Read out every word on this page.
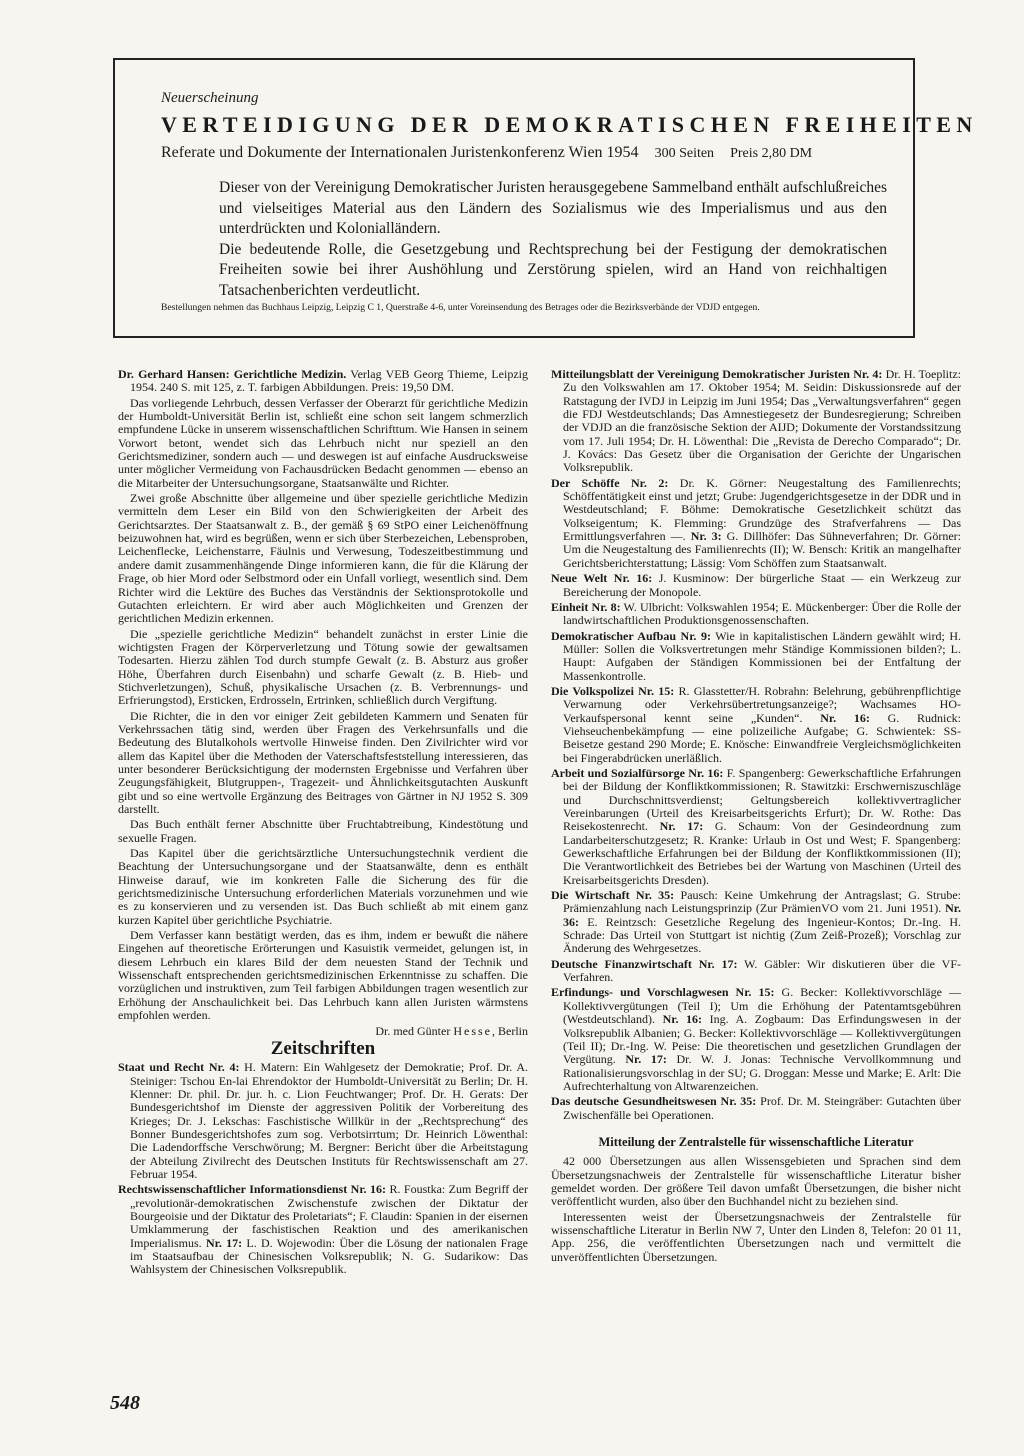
Neuerscheinung
VERTEIDIGUNG DER DEMOKRATISCHEN FREIHEITEN
Referate und Dokumente der Internationalen Juristenkonferenz Wien 1954 300 Seiten Preis 2,80 DM

Dieser von der Vereinigung Demokratischer Juristen herausgegebene Sammelband enthält aufschlußreiches und vielseitiges Material aus den Ländern des Sozialismus wie des Imperialismus und aus den unterdrückten und Kolonialländern.

Die bedeutende Rolle, die Gesetzgebung und Rechtsprechung bei der Festigung der demokratischen Freiheiten sowie bei ihrer Aushöhlung und Zerstörung spielen, wird an Hand von reichhaltigen Tatsachenberichten verdeutlicht.

Bestellungen nehmen das Buchhaus Leipzig, Leipzig C 1, Querstraße 4-6, unter Voreinsendung des Betrages oder die Bezirksverbände der VDJD entgegen.

Dr. Gerhard Hansen: Gerichtliche Medizin. Verlag VEB Georg Thieme, Leipzig 1954. 240 S. mit 125, z. T. farbigen Abbildungen. Preis: 19,50 DM.

Das vorliegende Lehrbuch, dessen Verfasser der Oberarzt für gerichtliche Medizin der Humboldt-Universität Berlin ist, schließt eine schon seit langem schmerzlich empfundene Lücke in unserem wissenschaftlichen Schrifttum. Wie Hansen in seinem Vorwort betont, wendet sich das Lehrbuch nicht nur speziell an den Gerichtsmediziner, sondern auch — und deswegen ist auf einfache Ausdrucksweise unter möglicher Vermeidung von Fachausdrücken Bedacht genommen — ebenso an die Mitarbeiter der Untersuchungsorgane, Staatsanwälte und Richter.

Zwei große Abschnitte über allgemeine und über spezielle gerichtliche Medizin vermitteln dem Leser ein Bild von den Schwierigkeiten der Arbeit des Gerichtsarztes. Der Staatsanwalt z. B., der gemäß § 69 StPO einer Leichenöffnung beizuwohnen hat, wird es begrüßen, wenn er sich über Sterbezeichen, Lebensproben, Leichenflecke, Leichenstarre, Fäulnis und Verwesung, Todeszeitbestimmung und andere damit zusammenhängende Dinge informieren kann, die für die Klärung der Frage, ob hier Mord oder Selbstmord oder ein Unfall vorliegt, wesentlich sind. Dem Richter wird die Lektüre des Buches das Verständnis der Sektionsprotokolle und Gutachten erleichtern. Er wird aber auch Möglichkeiten und Grenzen der gerichtlichen Medizin erkennen.

Die „spezielle gerichtliche Medizin“ behandelt zunächst in erster Linie die wichtigsten Fragen der Körperverletzung und Tötung sowie der gewaltsamen Todesarten. Hierzu zählen Tod durch stumpfe Gewalt (z. B. Absturz aus großer Höhe, Überfahren durch Eisenbahn) und scharfe Gewalt (z. B. Hieb- und Stichverletzungen), Schuß, physikalische Ursachen (z. B. Verbrennungs- und Erfrierungstod), Ersticken, Erdrosseln, Ertrinken, schließlich durch Vergiftung.

Die Richter, die in den vor einiger Zeit gebildeten Kammern und Senaten für Verkehrssachen tätig sind, werden über Fragen des Verkehrsunfalls und die Bedeutung des Blutalkohols wertvolle Hinweise finden. Den Zivilrichter wird vor allem das Kapitel über die Methoden der Vaterschaftsfeststellung interessieren, das unter besonderer Berücksichtigung der modernsten Ergebnisse und Verfahren über Zeugungsfähigkeit, Blutgruppen-, Tragezeit- und Ähnlichkeitsgutachten Auskunft gibt und so eine wertvolle Ergänzung des Beitrages von Gärtner in NJ 1952 S. 309 darstellt.

Das Buch enthält ferner Abschnitte über Fruchtabtreibung, Kindestötung und sexuelle Fragen.

Das Kapitel über die gerichtsärztliche Untersuchungstechnik verdient die Beachtung der Untersuchungsorgane und der Staatsanwälte, denn es enthält Hinweise darauf, wie im konkreten Falle die Sicherung des für die gerichtsmedizinische Untersuchung erforderlichen Materials vorzunehmen und wie es zu konservieren und zu versenden ist. Das Buch schließt ab mit einem ganz kurzen Kapitel über gerichtliche Psychiatrie.

Dem Verfasser kann bestätigt werden, das es ihm, indem er bewußt die nähere Eingehen auf theoretische Erörterungen und Kasuistik vermeidet, gelungen ist, in diesem Lehrbuch ein klares Bild der dem neuesten Stand der Technik und Wissenschaft entsprechenden gerichtsmedizinischen Erkenntnisse zu schaffen. Die vorzüglichen und instruktiven, zum Teil farbigen Abbildungen tragen wesentlich zur Erhöhung der Anschaulichkeit bei. Das Lehrbuch kann allen Juristen wärmstens empfohlen werden.

Dr. med Günter Hesse, Berlin
Zeitschriften

Staat und Recht Nr. 4: H. Matern: Ein Wahlgesetz der Demokratie; Prof. Dr. A. Steiniger: Tschou En-lai Ehrendoktor der Humboldt-Universität zu Berlin; Dr. H. Klenner: Dr. phil. Dr. jur. h. c. Lion Feuchtwanger; Prof. Dr. H. Gerats: Der Bundesgerichtshof im Dienste der aggressiven Politik der Vorbereitung des Krieges; Dr. J. Lekschas: Faschistische Willkür in der „Rechtsprechung“ des Bonner Bundesgerichtshofes zum sog. Verbotsirrtum; Dr. Heinrich Löwenthal: Die Ladendorffsche Verschwörung; M. Bergner: Bericht über die Arbeitstagung der Abteilung Zivilrecht des Deutschen Instituts für Rechtswissenschaft am 27. Februar 1954.

Rechtswissenschaftlicher Informationsdienst Nr. 16: R. Foustka: Zum Begriff der „revolutionär-demokratischen Zwischenstufe zwischen der Diktatur der Bourgeoisie und der Diktatur des Proletariats“; F. Claudin: Spanien in der eisernen Umklammerung der faschistischen Reaktion und des amerikanischen Imperialismus. Nr. 17: L. D. Wojewodin: Über die Lösung der nationalen Frage im Staatsaufbau der Chinesischen Volksrepublik; N. G. Sudarikow: Das Wahlsystem der Chinesischen Volksrepublik.

Mitteilungsblatt der Vereinigung Demokratischer Juristen Nr. 4: Dr. H. Toeplitz: Zu den Volkswahlen am 17. Oktober 1954; M. Seidin: Diskussionsrede auf der Ratstagung der IVDJ in Leipzig im Juni 1954; Das „Verwaltungsverfahren“ gegen die FDJ Westdeutschlands; Das Amnestiegesetz der Bundesregierung; Schreiben der VDJD an die französische Sektion der AIJD; Dokumente der Vorstandssitzung vom 17. Juli 1954; Dr. H. Löwenthal: Die „Revista de Derecho Comparado“; Dr. J. Kovács: Das Gesetz über die Organisation der Gerichte der Ungarischen Volksrepublik.

Der Schöffe Nr. 2: Dr. K. Görner: Neugestaltung des Familienrechts; Schöffentätigkeit einst und jetzt; Grube: Jugendgerichtsgesetze in der DDR und in Westdeutschland; F. Böhme: Demokratische Gesetzlichkeit schützt das Volkseigentum; K. Flemming: Grundzüge des Strafverfahrens — Das Ermittlungsverfahren —. Nr. 3: G. Dillhöfer: Das Sühneverfahren; Dr. Görner: Um die Neugestaltung des Familienrechts (II); W. Bensch: Kritik an mangelhafter Gerichtsberichterstattung; Lässig: Vom Schöffen zum Staatsanwalt.

Neue Welt Nr. 16: J. Kusminow: Der bürgerliche Staat — ein Werkzeug zur Bereicherung der Monopole.

Einheit Nr. 8: W. Ulbricht: Volkswahlen 1954; E. Mückenberger: Über die Rolle der landwirtschaftlichen Produktionsgenossenschaften.

Demokratischer Aufbau Nr. 9: Wie in kapitalistischen Ländern gewählt wird; H. Müller: Sollen die Volksvertretungen mehr Ständige Kommissionen bilden?; L. Haupt: Aufgaben der Ständigen Kommissionen bei der Entfaltung der Massenkontrolle.

Die Volkspolizei Nr. 15: R. Glasstetter/H. Robrahn: Belehrung, gebührenpflichtige Verwarnung oder Verkehrsübertretungsanzeige?; Wachsames HO-Verkaufspersonal kennt seine „Kunden“. Nr. 16: G. Rudnick: Viehseuchenbekämpfung — eine polizeiliche Aufgabe; G. Schwientek: SS-Beisetze gestand 290 Morde; E. Knösche: Einwandfreie Vergleichsmöglichkeiten bei Fingerabdrücken unerläßlich.

Arbeit und Sozialfürsorge Nr. 16: F. Spangenberg: Gewerkschaftliche Erfahrungen bei der Bildung der Konfliktkommissionen; R. Stawitzki: Erschwerniszuschläge und Durchschnittsverdienst; Geltungsbereich kollektivvertraglicher Vereinbarungen (Urteil des Kreisarbeitsgerichts Erfurt); Dr. W. Rothe: Das Reisekostenrecht. Nr. 17: G. Schaum: Von der Gesindeordnung zum Landarbeiterschutzgesetz; R. Kranke: Urlaub in Ost und West; F. Spangenberg: Gewerkschaftliche Erfahrungen bei der Bildung der Konfliktkommissionen (II); Die Verantwortlichkeit des Betriebes bei der Wartung von Maschinen (Urteil des Kreisarbeitsgerichts Dresden).

Die Wirtschaft Nr. 35: Pausch: Keine Umkehrung der Antragslast; G. Strube: Prämienzahlung nach Leistungsprinzip (Zur PrämienVO vom 21. Juni 1951). Nr. 36: E. Reintzsch: Gesetzliche Regelung des Ingenieur-Kontos; Dr.-Ing. H. Schrade: Das Urteil von Stuttgart ist nichtig (Zum Zeiß-Prozeß); Vorschlag zur Änderung des Wehrgesetzes.

Deutsche Finanzwirtschaft Nr. 17: W. Gäbler: Wir diskutieren über die VF-Verfahren.

Erfindungs- und Vorschlagwesen Nr. 15: G. Becker: Kollektivvorschläge — Kollektivvergütungen (Teil I); Um die Erhöhung der Patentamtsgebühren (Westdeutschland). Nr. 16: Ing. A. Zogbaum: Das Erfindungswesen in der Volksrepublik Albanien; G. Becker: Kollektivvorschläge — Kollektivvergütungen (Teil II); Dr.-Ing. W. Peise: Die theoretischen und gesetzlichen Grundlagen der Vergütung. Nr. 17: Dr. W. J. Jonas: Technische Vervollkommnung und Rationalisierungsvorschlag in der SU; G. Droggan: Messe und Marke; E. Arlt: Die Aufrechterhaltung von Altwarenzeichen.

Das deutsche Gesundheitswesen Nr. 35: Prof. Dr. M. Steingräber: Gutachten über Zwischenfälle bei Operationen.

Mitteilung der Zentralstelle für wissenschaftliche Literatur

42 000 Übersetzungen aus allen Wissensgebieten und Sprachen sind dem Übersetzungsnachweis der Zentralstelle für wissenschaftliche Literatur bisher gemeldet worden. Der größere Teil davon umfaßt Übersetzungen, die bisher nicht veröffentlicht wurden, also über den Buchhandel nicht zu beziehen sind.

Interessenten weist der Übersetzungsnachweis der Zentralstelle für wissenschaftliche Literatur in Berlin NW 7, Unter den Linden 8, Telefon: 20 01 11, App. 256, die veröffentlichten Übersetzungen nach und vermittelt die unveröffentlichten Übersetzungen.

548
